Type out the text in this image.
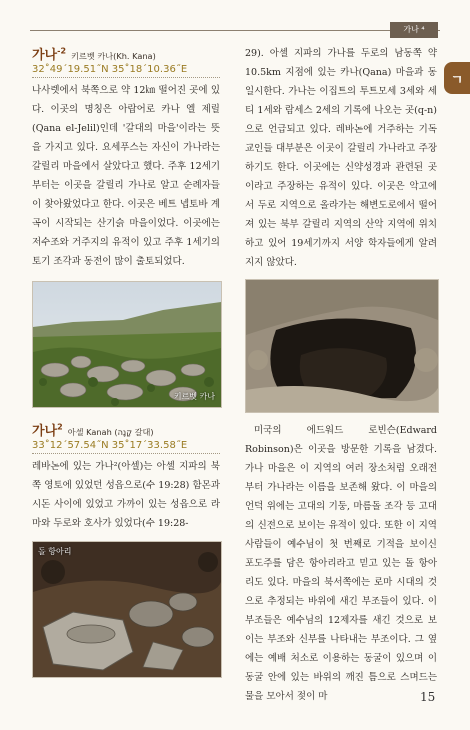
가나 ⁴
ㄱ
가나$^{-2}$ 키르벳 카나(Kh. Kana)
32˚49´19.51˝N 35˚18´10.36˝E

나사렛에서 북쪽으로 약 12㎞ 떨어진 곳에 있다. 이곳의 명칭은 아랍어로 카나 엘 제릴(Qana el-Jelil)인데 '갈대의 마을'이라는 뜻을 가지고 있다. 요세푸스는 자신이 가나라는 갈릴리 마을에서 살았다고 했다. 주후 12세기부터는 이곳을 갈릴리 가나로 알고 순례자들이 찾아왔었다고 한다. 이곳은 베트 넵토바 계곡이 시작되는 산기슭 마을이었다. 이곳에는 저수조와 거주지의 유적이 있고 주후 1세기의 토기 조각과 동전이 많이 출토되었다.

키르벳 카나
가나$^2$ 아셀 Kanah (קָנָה 갈대)
33˚12´57.54˝N 35˚17´33.58˝E

레바논에 있는 가나²(아셀)는 아셀 지파의 북쪽 영토에 있었던 성읍으로(수 19:28) 함몬과 시돈 사이에 있었고 가까이 있는 성읍으로 라마와 두로와 호사가 있었다(수 19:28-

돌 항아리

29). 아셀 지파의 가나를 두로의 남동쪽 약 10.5km 지점에 있는 카나(Qana) 마을과 동일시한다. 가나는 이집트의 투트모세 3세와 세티 1세와 람세스 2세의 기록에 나오는 곳(q-n)으로 언급되고 있다. 레바논에 거주하는 기독교인들 대부분은 이곳이 갈릴리 가나라고 주장하기도 한다. 이곳에는 신약성경과 관련된 곳이라고 주장하는 유적이 있다. 이곳은 악고에서 두로 지역으로 올라가는 해변도로에서 떨어져 있는 북부 갈릴리 지역의 산악 지역에 위치하고 있어 19세기까지 서양 학자들에게 알려지지 않았다.

미국의 에드워드 로빈슨(Edward Robinson)은 이곳을 방문한 기록을 남겼다. 가나 마을은 이 지역의 여러 장소처럼 오래전부터 가나라는 이름을 보존해 왔다. 이 마을의 언덕 위에는 고대의 기둥, 마름돌 조각 등 고대의 신전으로 보이는 유적이 있다. 또한 이 지역 사람들이 예수님이 첫 번째로 기적을 보이신 포도주를 담은 항아리라고 믿고 있는 돌 항아리도 있다. 마을의 북서쪽에는 로마 시대의 것으로 추정되는 바위에 새긴 부조들이 있다. 이 부조들은 예수님의 12제자를 새긴 것으로 보이는 부조와 신부를 나타내는 부조이다. 그 옆에는 예배 처소로 이용하는 동굴이 있으며 이 동굴 안에 있는 바위의 깨진 틈으로 스며드는 물을 모아서 젖이 마	15
